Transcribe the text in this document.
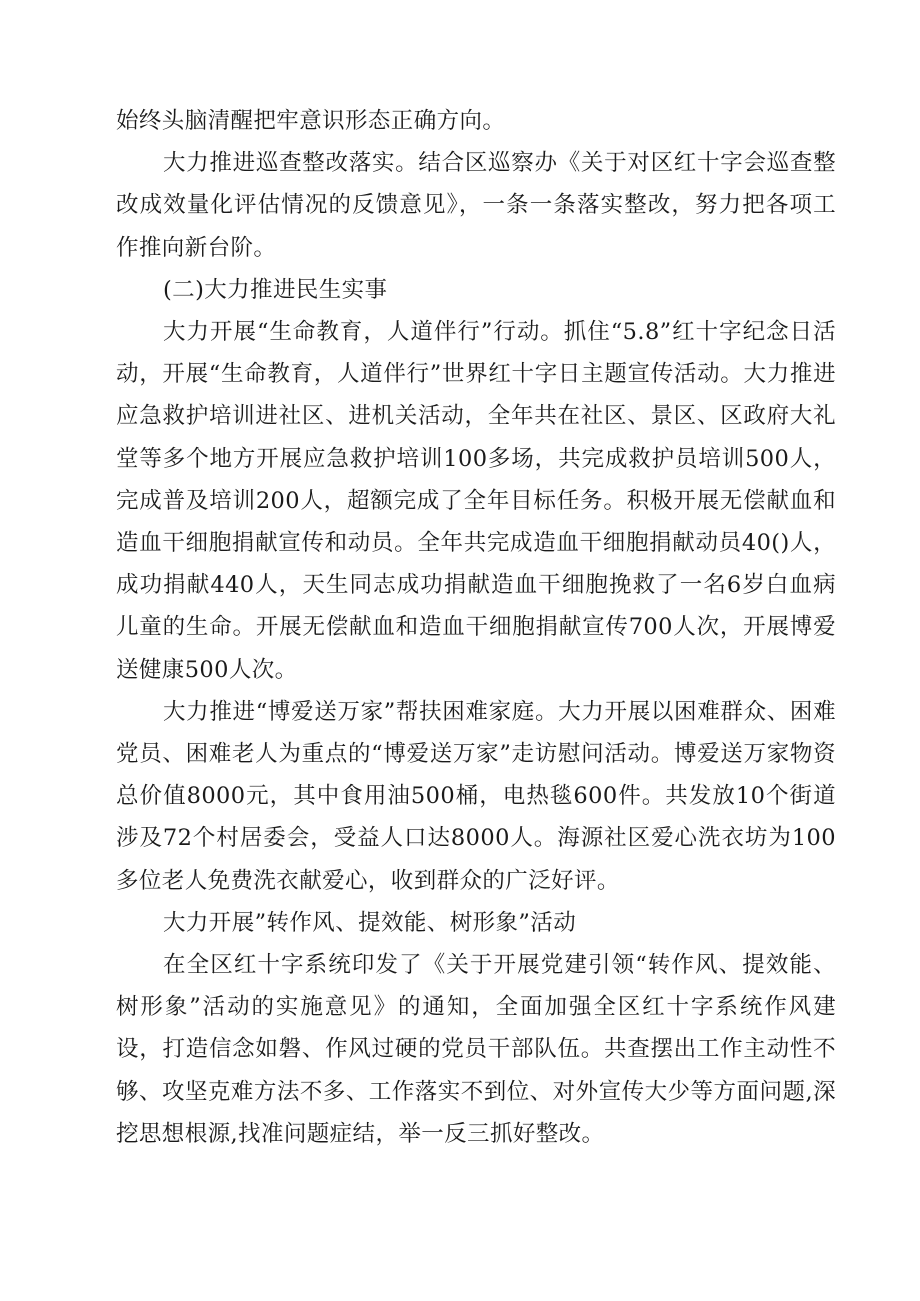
始终头脑清醒把牢意识形态正确方向。

大力推进巡查整改落实。结合区巡察办《关于对区红十字会巡查整改成效量化评估情况的反馈意见》，一条一条落实整改，努力把各项工作推向新台阶。

(二)大力推进民生实事

大力开展“生命教育，人道伴行”行动。抓住“5.8”红十字纪念日活动，开展“生命教育，人道伴行”世界红十字日主题宣传活动。大力推进应急救护培训进社区、进机关活动，全年共在社区、景区、区政府大礼堂等多个地方开展应急救护培训100多场，共完成救护员培训500人，完成普及培训200人，超额完成了全年目标任务。积极开展无偿献血和造血干细胞捐献宣传和动员。全年共完成造血干细胞捐献动员40()人，成功捐献440人，天生同志成功捐献造血干细胞挽救了一名6岁白血病儿童的生命。开展无偿献血和造血干细胞捐献宣传700人次，开展博爱送健康500人次。

大力推进“博爱送万家”帮扶困难家庭。大力开展以困难群众、困难党员、困难老人为重点的“博爱送万家”走访慰问活动。博爱送万家物资总价值8000元，其中食用油500桶，电热毯600件。共发放10个街道涉及72个村居委会，受益人口达8000人。海源社区爱心洗衣坊为100多位老人免费洗衣献爱心，收到群众的广泛好评。

大力开展”转作风、提效能、树形象”活动

在全区红十字系统印发了《关于开展党建引领“转作风、提效能、树形象”活动的实施意见》的通知，全面加强全区红十字系统作风建设，打造信念如磐、作风过硬的党员干部队伍。共查摆出工作主动性不够、攻坚克难方法不多、工作落实不到位、对外宣传大少等方面问题,深挖思想根源,找准问题症结，举一反三抓好整改。
